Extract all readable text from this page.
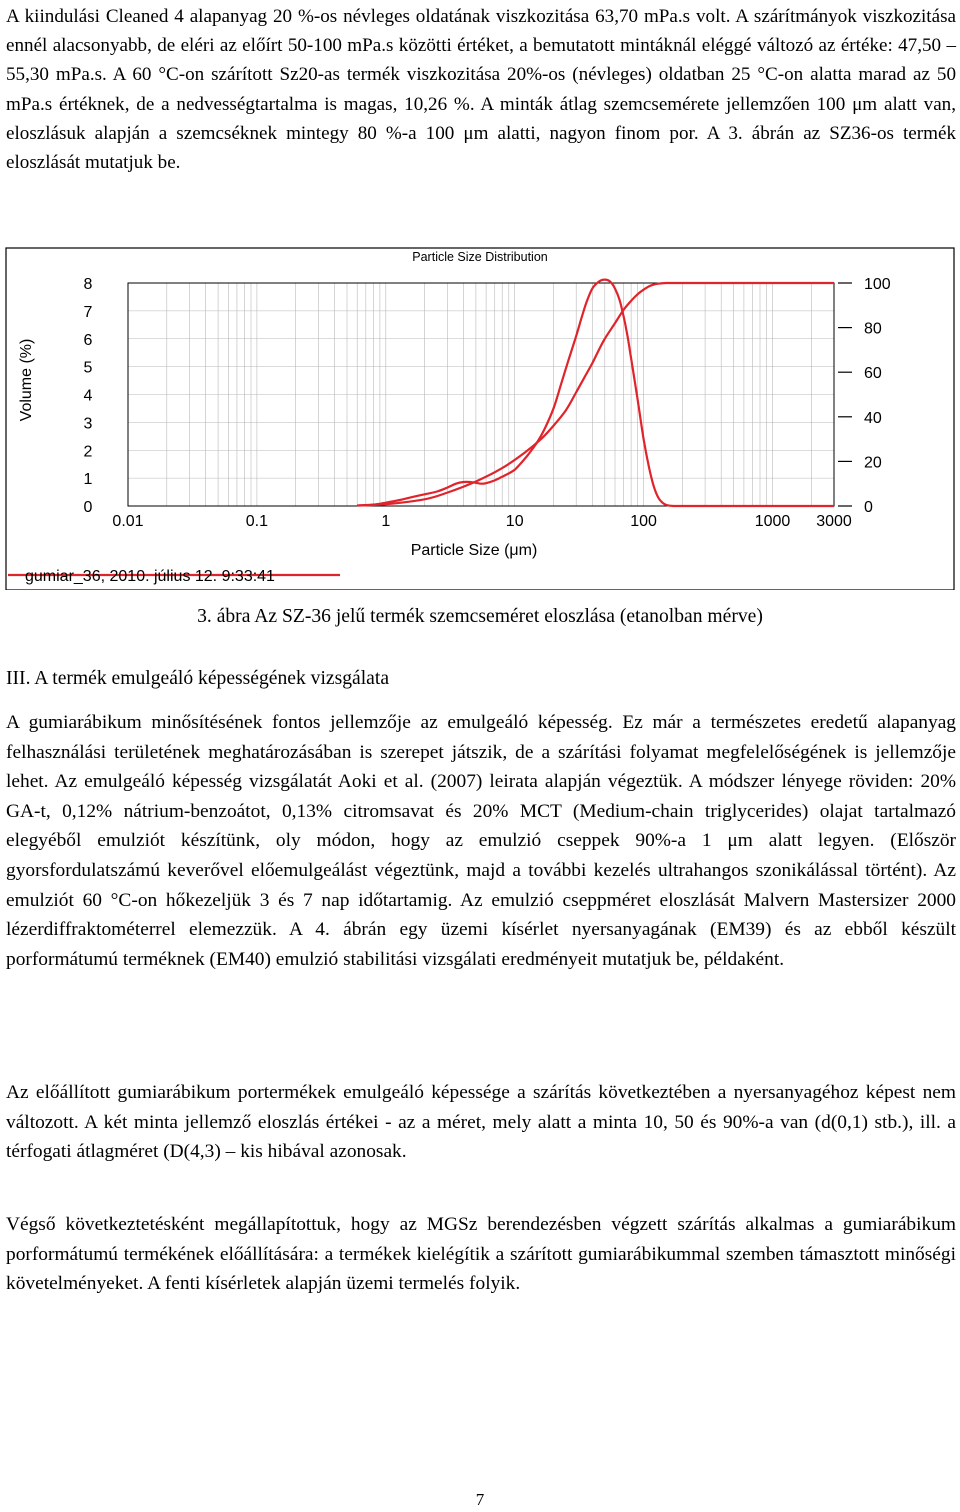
A kiindulási Cleaned 4 alapanyag 20 %-os névleges oldatának viszkozitása 63,70 mPa.s volt. A szárítmányok viszkozitása ennél alacsonyabb, de eléri az előírt 50-100 mPa.s közötti értéket, a bemutatott mintáknál eléggé változó az értéke: 47,50 – 55,30 mPa.s. A 60 °C-on szárított Sz20-as termék viszkozitása 20%-os (névleges) oldatban 25 °C-on alatta marad az 50 mPa.s értéknek, de a nedvességtartalma is magas, 10,26 %. A minták átlag szemcsemérete jellemzően 100 μm alatt van, eloszlásuk alapján a szemcséknek mintegy 80 %-a 100 μm alatti, nagyon finom por. A 3. ábrán az SZ36-os termék eloszlását mutatjuk be.

Particle Size Distribution
Volume (%)
Particle Size (μm)
0
1
2
3
4
5
6
7
8
0
20
40
60
80
100
0.01	0.1	1	10	100	1000 3000
gumiar_36, 2010. július 12. 9:33:41
3. ábra Az SZ-36 jelű termék szemcseméret eloszlása (etanolban mérve)
III. A termék emulgeáló képességének vizsgálata

A gumiarábikum minősítésének fontos jellemzője az emulgeáló képesség. Ez már a természetes eredetű alapanyag felhasználási területének meghatározásában is szerepet játszik, de a szárítási folyamat megfelelőségének is jellemzője lehet. Az emulgeáló képesség vizsgálatát Aoki et al. (2007) leirata alapján végeztük. A módszer lényege röviden: 20% GA-t, 0,12% nátrium-benzoátot, 0,13% citromsavat és 20% MCT (Medium-chain triglycerides) olajat tartalmazó elegyéből emulziót készítünk, oly módon, hogy az emulzió cseppek 90%-a 1 μm alatt legyen. (Először gyorsfordulatszámú keverővel előemulgeálást végeztünk, majd a további kezelés ultrahangos szonikálással történt). Az emulziót 60 °C-on hőkezeljük 3 és 7 nap időtartamig. Az emulzió cseppméret eloszlását Malvern Mastersizer 2000 lézerdiffraktométerrel elemezzük. A 4. ábrán egy üzemi kísérlet nyersanyagának (EM39) és az ebből készült porformátumú terméknek (EM40) emulzió stabilitási vizsgálati eredményeit mutatjuk be, példaként.

Az előállított gumiarábikum portermékek emulgeáló képessége a szárítás következtében a nyersanyagéhoz képest nem változott. A két minta jellemző eloszlás értékei - az a méret, mely alatt a minta 10, 50 és 90%-a van (d(0,1) stb.), ill. a térfogati átlagméret (D(4,3) – kis hibával azonosak.

Végső következtetésként megállapítottuk, hogy az MGSz berendezésben végzett szárítás alkalmas a gumiarábikum porformátumú termékének előállítására: a termékek kielégítik a szárított gumiarábikummal szemben támasztott minőségi követelményeket. A fenti kísérletek alapján üzemi termelés folyik.

7
